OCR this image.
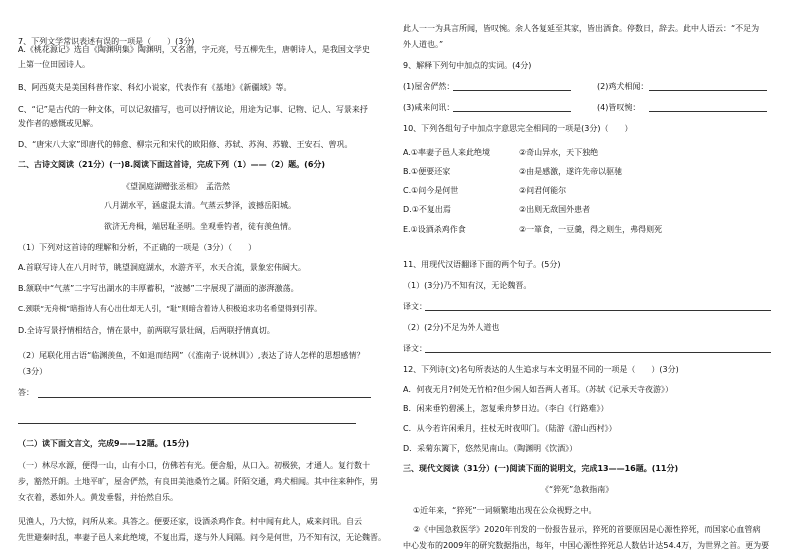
7、下列文学常识表述有误的一项是（　　）(3分)
A.《桃花源记》选自《陶渊明集》陶渊明，又名潜，字元亮，号五柳先生，唐朝诗人，是我国文学史
上第一位田园诗人。
B、阿西莫夫是美国科普作家、科幻小说家，代表作有《基地》《新疆域》等。
C、“记”是古代的一种文体，可以记叙描写，也可以抒情议论，用途为记事、记物、记人、写景来抒
发作者的感慨或见解。
D、“唐宋八大家”即唐代的韩愈、柳宗元和宋代的欧阳修、苏轼、苏洵、苏辙、王安石、曾巩。
二、古诗文阅读（21分）(一)8.阅读下面这首诗，完成下列（1）——（2）题。(6分)
《望洞庭湖赠张丞相》　孟浩然
八月湖水平，涵虚混太清。气蒸云梦泽，波撼岳阳城。
欲济无舟楫，端居耻圣明。坐观垂钓者，徒有羡鱼情。
（1）下列对这首诗的理解和分析，不正确的一项是（3分）（　　）
A.首联写诗人在八月时节，眺望洞庭湖水，水游齐平，水天合流，景象宏伟阔大。
B.颔联中“气蒸”二字写出湖水的丰厚蓄积，“波撼”二字展现了湖面的澎湃激荡。
C.颈联“无舟楫”暗指诗人有心出仕却无人引，“耻”则暗含着诗人积极追求功名希望得到引荐。
D.全诗写景抒情相结合，情在景中，前两联写景壮阔，后两联抒情真切。
（2）尾联化用古语“临渊羡鱼，不如退而结网”（《淮南子·说林训》）,表达了诗人怎样的思想感情？
（3分）
答：
（二）读下面文言文，完成9——12题。(15分)
（一）林尽水源，便得一山，山有小口，仿佛若有光。便舍船，从口入。初极狭，才通人。复行数十
步，豁然开朗。土地平旷，屋舍俨然，有良田美池桑竹之属。阡陌交通，鸡犬相闻。其中往来种作，男
女衣着，悉如外人。黄发垂髫，并怡然自乐。
见渔人，乃大惊，问所从来。具答之。便要还家，设酒杀鸡作食。村中闻有此人，咸来问讯。自云
先世避秦时乱，率妻子邑人来此绝境，不复出焉，遂与外人间隔。问今是何世，乃不知有汉，无论魏晋。
此人一一为具言所闻，皆叹惋。余人各复延至其家，皆出酒食。停数日，辞去。此中人语云：“不足为
外人道也。”
9、解释下列句中加点的实词。(4分)
(1)屋舍俨然：	(2)鸡犬相闻：
(3)咸来问讯：	(4)皆叹惋：
10、下列各组句子中加点字意思完全相同的一项是(3分)（　　）
A.①率妻子邑人来此绝境	②奇山异水，天下独绝
B.①便要还家	②由是感激，遂许先帝以驱驰
C.①问今是何世	②问君何能尔
D.①不复出焉	②出则无敌国外患者
E.①设酒杀鸡作食	②一箪食，一豆羹，得之则生，弗得则死
11、用现代汉语翻译下面的两个句子。(5分)
（1）(3分)乃不知有汉，无论魏晋。
译文：
（2）(2分)不足为外人道也
译文：
12、下列诗(文)名句所表达的人生追求与本文明显不同的一项是（　　）(3分)
A．何夜无月?何处无竹柏?但少闲人如吾两人者耳。（苏轼《记承天寺夜游》）
B．闲来垂钓碧溪上，忽复乘舟梦日边。（李白《行路难》）
C．从今若许闲乘月，拄杖无时夜叩门。（陆游《游山西村》）
D．采菊东篱下，悠然见南山。（陶渊明《饮酒》）
三、现代文阅读（31分）(一)阅读下面的说明文，完成13——16题。(11分)
《“猝死”急救指南》
①近年来，“猝死”一词频繁地出现在公众视野之中。
②《中国急救医学》2020年刊发的一份报告显示，猝死的首要原因是心源性猝死，而国家心血管病
中心发布的2009年的研究数据指出，每年，中国心源性猝死总人数估计达54.4万，为世界之首。更为要
